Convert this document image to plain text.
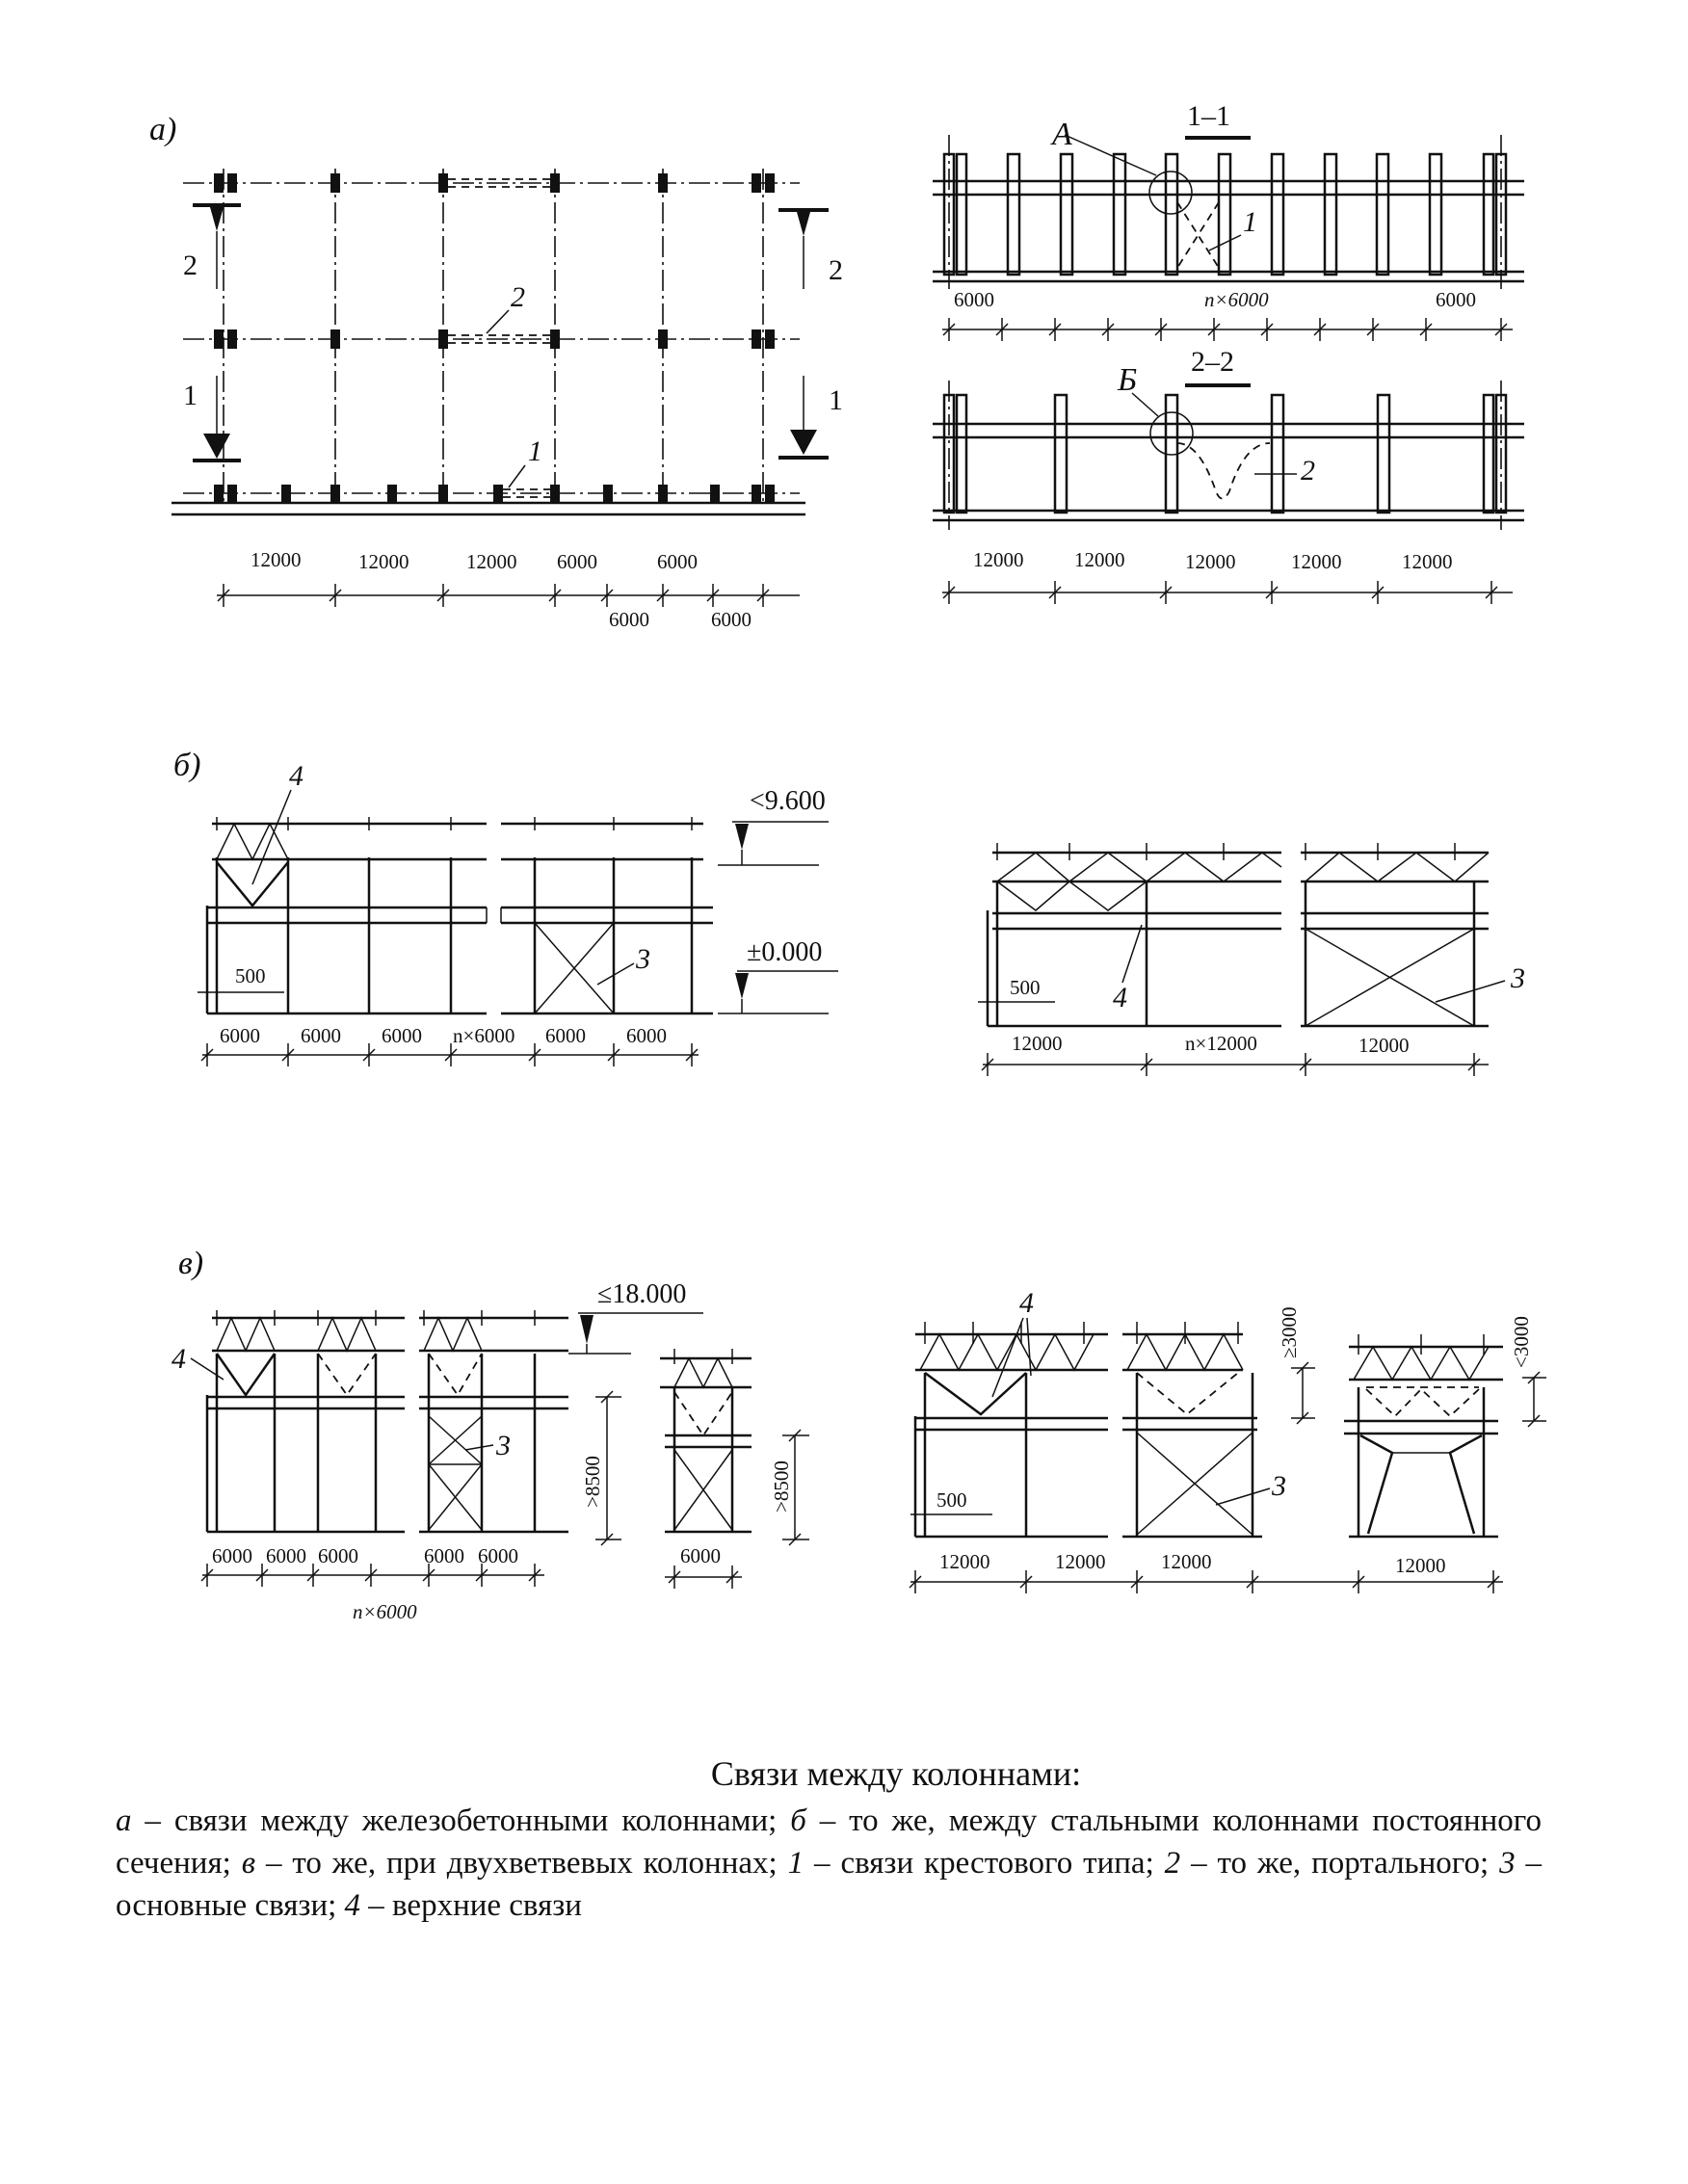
а)
2
1
2
1
2
1
12000	12000	12000 6000	6000
6000	6000
1–1
А
1
6000	n×6000	6000
2–2
Б
2
12000	12000	12000	12000	12000
б)	4
3
500
<9.600
±0.000
6000 6000 6000 n×6000 6000 6000
4
3
500
12000	n×12000	12000
в)
4
3
≤18.000
>8500
6000 6000 6000	6000 6000
n×6000
>8500
6000
4
3
500
≥3000	<3000
12000	12000	12000	12000

Связи между колоннами:

а – связи между железобетонными колоннами; б – то же, между стальными колоннами постоянного сечения; в – то же, при двухветвевых колоннах; 1 – связи крестового типа; 2 – то же, портального; 3 – основные связи; 4 – верхние связи
